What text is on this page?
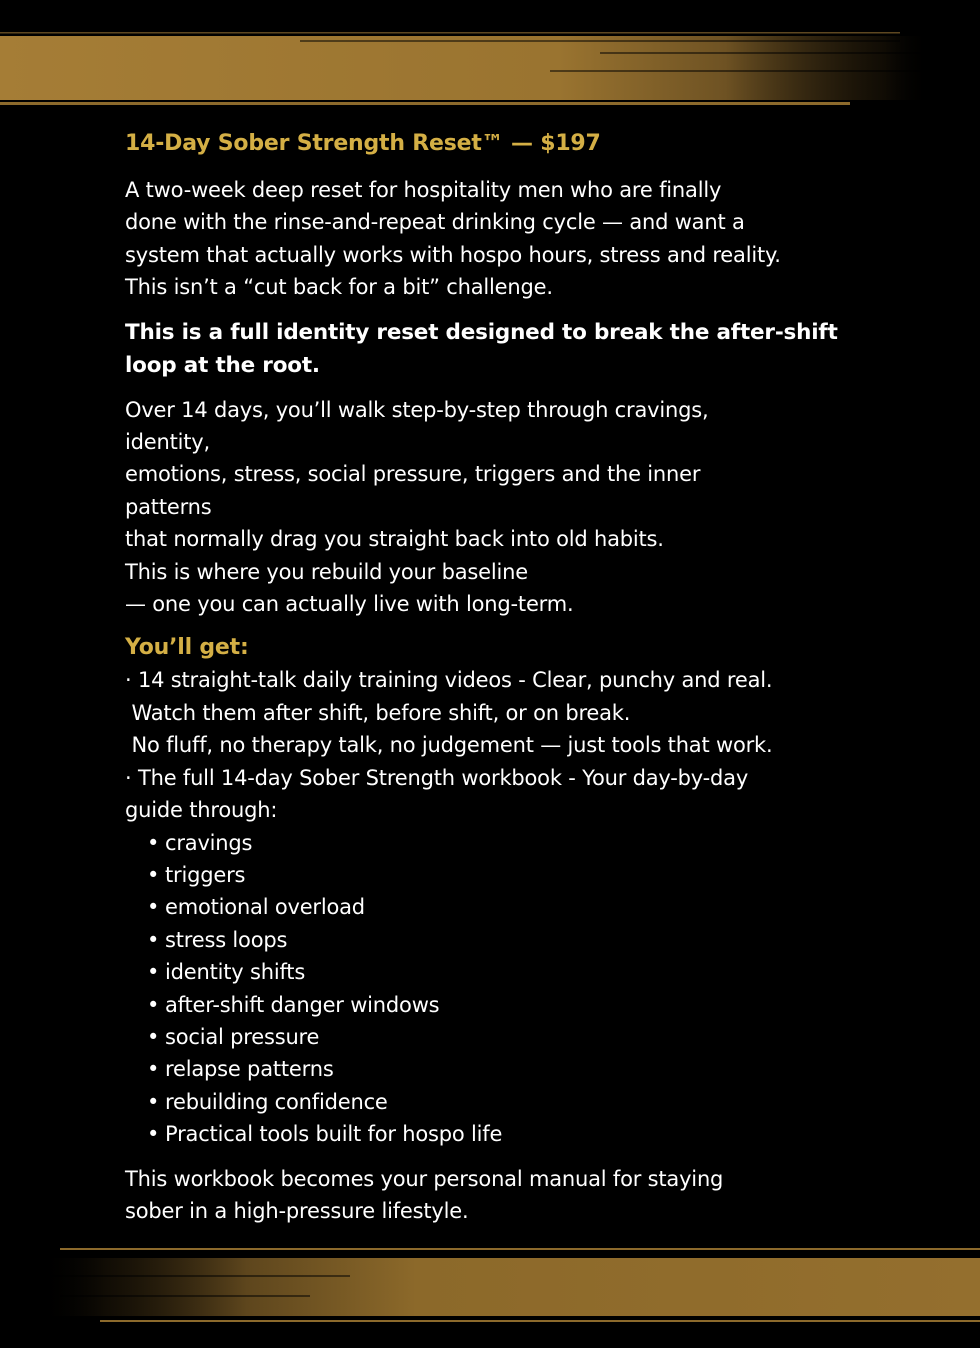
14-Day Sober Strength Reset™ — $197
A two-week deep reset for hospitality men who are finally
done with the rinse-and-repeat drinking cycle — and want a
system that actually works with hospo hours, stress and reality.
This isn’t a “cut back for a bit” challenge.
This is a full identity reset designed to break the after-shift
loop at the root.
Over 14 days, you’ll walk step-by-step through cravings,
identity,
emotions, stress, social pressure, triggers and the inner
patterns
that normally drag you straight back into old habits.
This is where you rebuild your baseline
— one you can actually live with long-term.
You’ll get:
· 14 straight-talk daily training videos - Clear, punchy and real.
Watch them after shift, before shift, or on break.
No fluff, no therapy talk, no judgement — just tools that work.
· The full 14-day Sober Strength workbook - Your day-by-day
guide through:
• cravings
• triggers
• emotional overload
• stress loops
• identity shifts
• after-shift danger windows
• social pressure
• relapse patterns
• rebuilding confidence
• Practical tools built for hospo life
This workbook becomes your personal manual for staying
sober in a high-pressure lifestyle.
